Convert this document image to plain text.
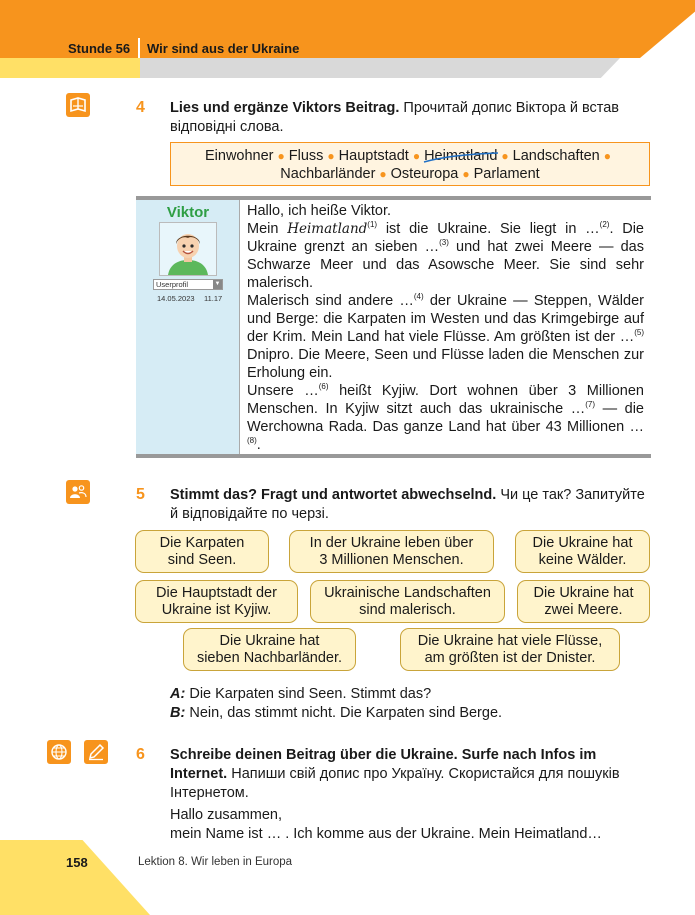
Stunde 56 Wir sind aus der Ukraine
4 Lies und ergänze Viktors Beitrag. Прочитай допис Віктора й встав відповідні слова.
Einwohner ● Fluss ● Hauptstadt ● Heimatland ● Landschaften ●
Nachbarländer ● Osteuropa ● Parlament
Viktor
Userprofil	▼
14.05.2023 11.17

Hallo, ich heiße Viktor.

Mein Heimatland$^{(1)}$ ist die Ukraine. Sie liegt in …$^{(2)}$. Die Ukraine grenzt an sieben …$^{(3)}$ und hat zwei Meere — das Schwarze Meer und das Asowsche Meer. Sie sind sehr malerisch.

Malerisch sind andere …$^{(4)}$ der Ukraine — Steppen, Wälder und Berge: die Karpaten im Westen und das Krimgebirge auf der Krim. Mein Land hat viele Flüsse. Am größten ist der …$^{(5)}$ Dnipro. Die Meere, Seen und Flüsse laden die Menschen zur Erholung ein.

Unsere …$^{(6)}$ heißt Kyjiw. Dort wohnen über 3 Millionen Menschen. In Kyjiw sitzt auch das ukrainische …$^{(7)}$ — die Werchowna Rada. Das ganze Land hat über 43 Millionen …$^{(8)}$.

5 Stimmt das? Fragt und antwortet abwechselnd. Чи це так? Запитуйте й відповідайте по черзі.
Die Karpaten
sind Seen.
In der Ukraine leben über
3 Millionen Menschen.
Die Ukraine hat
keine Wälder.
Die Hauptstadt der
Ukraine ist Kyjiw.
Ukrainische Landschaften
sind malerisch.
Die Ukraine hat
zwei Meere.
Die Ukraine hat
sieben Nachbarländer.
Die Ukraine hat viele Flüsse,
am größten ist der Dnister.
A: Die Karpaten sind Seen. Stimmt das?
B: Nein, das stimmt nicht. Die Karpaten sind Berge.
6 Schreibe deinen Beitrag über die Ukraine. Surfe nach Infos im Internet. Напиши свій допис про Україну. Скористайся для пошуків Інтернетом.
Hallo zusammen,
mein Name ist … . Ich komme aus der Ukraine. Mein Heimatland…
158	Lektion 8. Wir leben in Europa
